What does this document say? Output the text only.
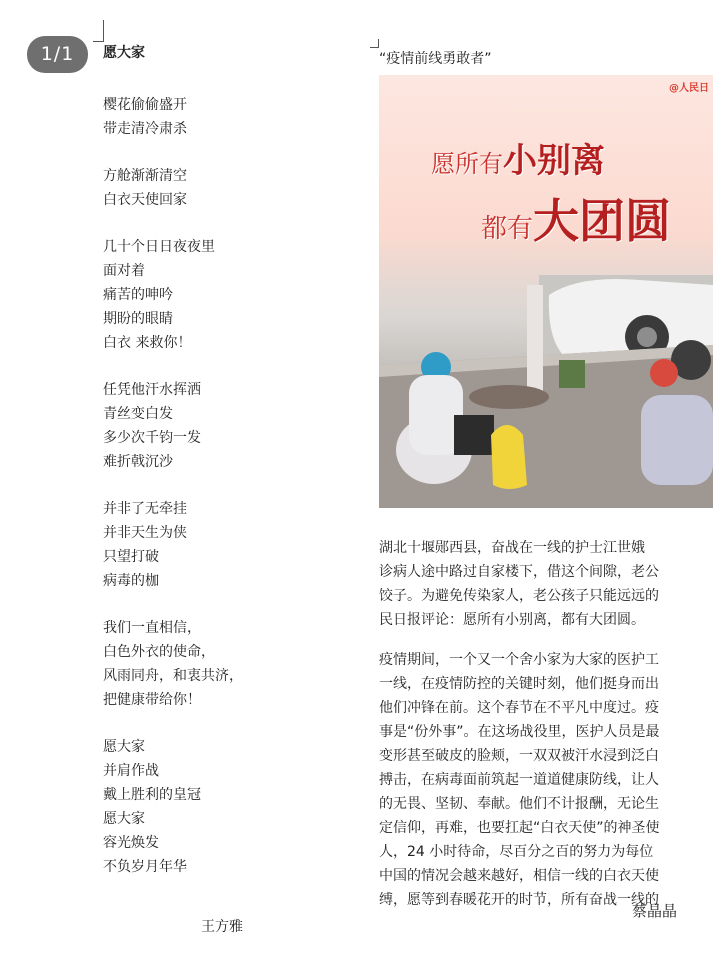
1/1	愿大家
樱花偷偷盛开
带走清冷肃杀
方舱渐渐清空
白衣天使回家
几十个日日夜夜里
面对着
痛苦的呻吟
期盼的眼睛
白衣 来救你！
任凭他汗水挥洒
青丝变白发
多少次千钧一发
难折戟沉沙
并非了无牵挂
并非天生为侠
只望打破
病毒的枷
我们一直相信，
白色外衣的使命，
风雨同舟，和衷共济，
把健康带给你！
愿大家
并肩作战
戴上胜利的皇冠
愿大家
容光焕发
不负岁月年华
王方雅
“疫情前线勇敢者”
@人民日
愿所有小别离
都有大团圆
湖北十堰郧西县，奋战在一线的护士江世娥
诊病人途中路过自家楼下，借这个间隙，老公
饺子。为避免传染家人，老公孩子只能远远的
民日报评论：愿所有小别离，都有大团圆。
疫情期间，一个又一个舍小家为大家的医护工
一线，在疫情防控的关键时刻，他们挺身而出
他们冲锋在前。这个春节在不平凡中度过。疫
事是“份外事”。在这场战役里，医护人员是最
变形甚至破皮的脸颊，一双双被汗水浸到泛白
搏击，在病毒面前筑起一道道健康防线，让人
的无畏、坚韧、奉献。他们不计报酬，无论生
定信仰，再难，也要扛起“白衣天使”的神圣使
人，24 小时待命，尽百分之百的努力为每位
中国的情况会越来越好，相信一线的白衣天使
缚，愿等到春暖花开的时节，所有奋战一线的
蔡晶晶
